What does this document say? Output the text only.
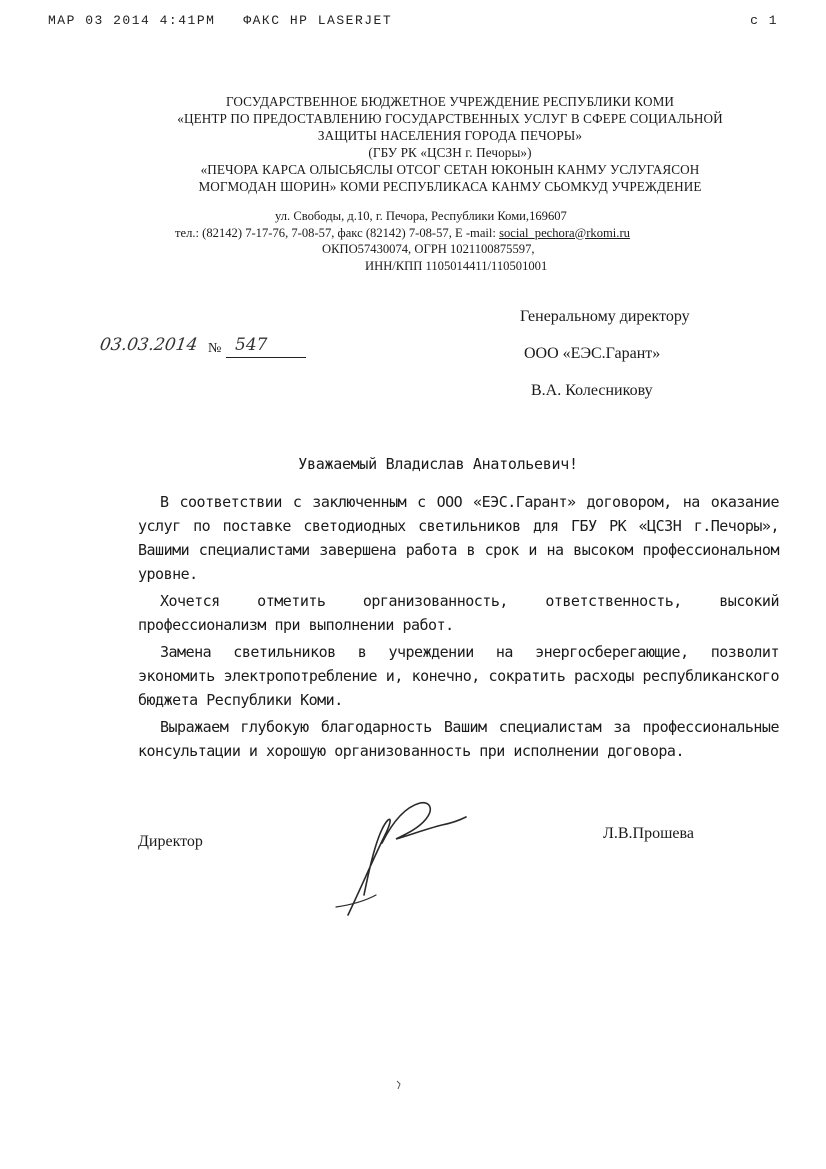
MAP 03 2014 4:41PM   ФАКС HP LASERJET	c 1
ГОСУДАРСТВЕННОЕ БЮДЖЕТНОЕ УЧРЕЖДЕНИЕ РЕСПУБЛИКИ КОМИ
«ЦЕНТР ПО ПРЕДОСТАВЛЕНИЮ ГОСУДАРСТВЕННЫХ УСЛУГ В СФЕРЕ СОЦИАЛЬНОЙ
ЗАЩИТЫ НАСЕЛЕНИЯ ГОРОДА ПЕЧОРЫ»
(ГБУ РК «ЦСЗН г. Печоры»)
«ПЕЧОРА КАРСА ОЛЫСЬЯСЛЫ ОТСОГ СЕТАН ЮКОНЫН КАНМУ УСЛУГАЯСОН
МОГМОДАН ШОРИН» КОМИ РЕСПУБЛИКАСА КАНМУ СЬОМКУД УЧРЕЖДЕНИЕ
ул. Свободы, д.10, г. Печора, Республики Коми,169607
тел.: (82142) 7-17-76, 7-08-57, факс (82142) 7-08-57, E -mail: social_pechora@rkomi.ru
ОКПО57430074, ОГРН 1021100875597,
ИНН/КПП 1105014411/110501001
03.03.2014 № 547
Генеральному директору
ООО «ЕЭС.Гарант»
В.А. Колесникову
Уважаемый Владислав Анатольевич!

В соответствии с заключенным с ООО «ЕЭС.Гарант» договором, на оказание услуг по поставке светодиодных светильников для ГБУ РК «ЦСЗН г.Печоры», Вашими специалистами завершена работа в срок и на высоком профессиональном уровне.

Хочется отметить организованность, ответственность, высокий профессионализм при выполнении работ.

Замена светильников в учреждении на энергосберегающие, позволит экономить электропотребление и, конечно, сократить расходы республиканского бюджета Республики Коми.

Выражаем глубокую благодарность Вашим специалистам за профессиональные консультации и хорошую организованность при исполнении договора.

Директор	Л.В.Прошева
